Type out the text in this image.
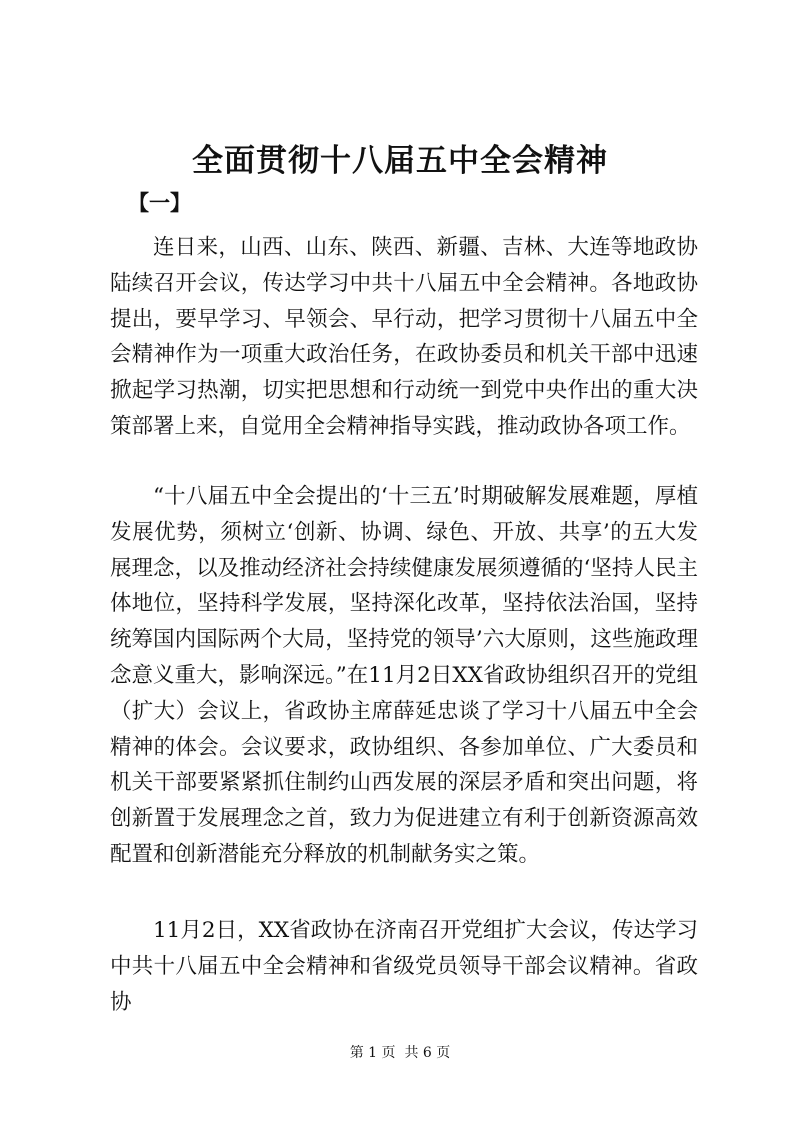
全面贯彻十八届五中全会精神
【一】

连日来，山西、山东、陕西、新疆、吉林、大连等地政协陆续召开会议，传达学习中共十八届五中全会精神。各地政协提出，要早学习、早领会、早行动，把学习贯彻十八届五中全会精神作为一项重大政治任务，在政协委员和机关干部中迅速掀起学习热潮，切实把思想和行动统一到党中央作出的重大决策部署上来，自觉用全会精神指导实践，推动政协各项工作。

“十八届五中全会提出的‘十三五’时期破解发展难题，厚植发展优势，须树立‘创新、协调、绿色、开放、共享’的五大发展理念，以及推动经济社会持续健康发展须遵循的‘坚持人民主体地位，坚持科学发展，坚持深化改革，坚持依法治国，坚持统筹国内国际两个大局，坚持党的领导’六大原则，这些施政理念意义重大，影响深远。”在11月2日XX省政协组织召开的党组（扩大）会议上，省政协主席薛延忠谈了学习十八届五中全会精神的体会。会议要求，政协组织、各参加单位、广大委员和机关干部要紧紧抓住制约山西发展的深层矛盾和突出问题，将创新置于发展理念之首，致力为促进建立有利于创新资源高效配置和创新潜能充分释放的机制献务实之策。

11月2日，XX省政协在济南召开党组扩大会议，传达学习中共十八届五中全会精神和省级党员领导干部会议精神。省政协

第 1 页 共 6 页
